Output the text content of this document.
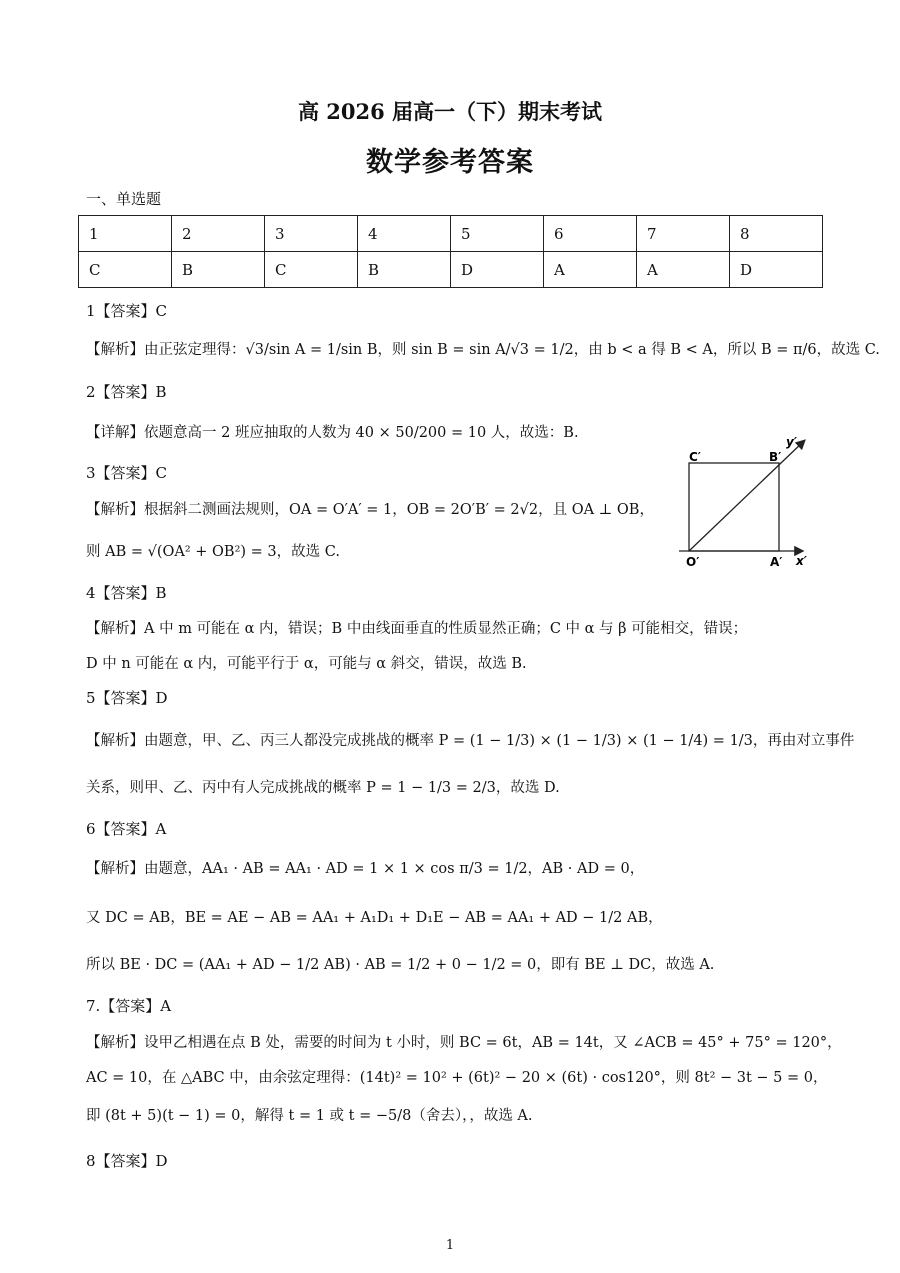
高 2026 届高一（下）期末考试
数学参考答案
一、单选题
1	2	3	4	5	6	7	8
C	B	C	B	D	A	A	D
1【答案】C
【解析】由正弦定理得：√3/sin A = 1/sin B，则 sin B = sin A/√3 = 1/2，由 b < a 得 B < A，所以 B = π/6，故选 C.
2【答案】B
【详解】依题意高一 2 班应抽取的人数为 40 × 50/200 = 10 人，故选：B.
3【答案】C
【解析】根据斜二测画法规则，OA = O′A′ = 1，OB = 2O′B′ = 2√2，且 OA ⊥ OB，
则 AB = √(OA² + OB²) = 3，故选 C.
C′	B′
y′
O′	A′ x′
4【答案】B
【解析】A 中 m 可能在 α 内，错误；B 中由线面垂直的性质显然正确；C 中 α 与 β 可能相交，错误；
D 中 n 可能在 α 内，可能平行于 α，可能与 α 斜交，错误，故选 B.
5【答案】D
【解析】由题意，甲、乙、丙三人都没完成挑战的概率 P = (1 − 1/3) × (1 − 1/3) × (1 − 1/4) = 1/3，再由对立事件
关系，则甲、乙、丙中有人完成挑战的概率 P = 1 − 1/3 = 2/3，故选 D.
6【答案】A
【解析】由题意，AA₁ · AB = AA₁ · AD = 1 × 1 × cos π/3 = 1/2，AB · AD = 0，
又 DC = AB，BE = AE − AB = AA₁ + A₁D₁ + D₁E − AB = AA₁ + AD − 1/2 AB，
所以 BE · DC = (AA₁ + AD − 1/2 AB) · AB = 1/2 + 0 − 1/2 = 0，即有 BE ⊥ DC，故选 A.
7.【答案】A
【解析】设甲乙相遇在点 B 处，需要的时间为 t 小时，则 BC = 6t，AB = 14t，又 ∠ACB = 45° + 75° = 120°，
AC = 10，在 △ABC 中，由余弦定理得：(14t)² = 10² + (6t)² − 20 × (6t) · cos120°，则 8t² − 3t − 5 = 0，
即 (8t + 5)(t − 1) = 0，解得 t = 1 或 t = −5/8（舍去），，故选 A.
8【答案】D
1
